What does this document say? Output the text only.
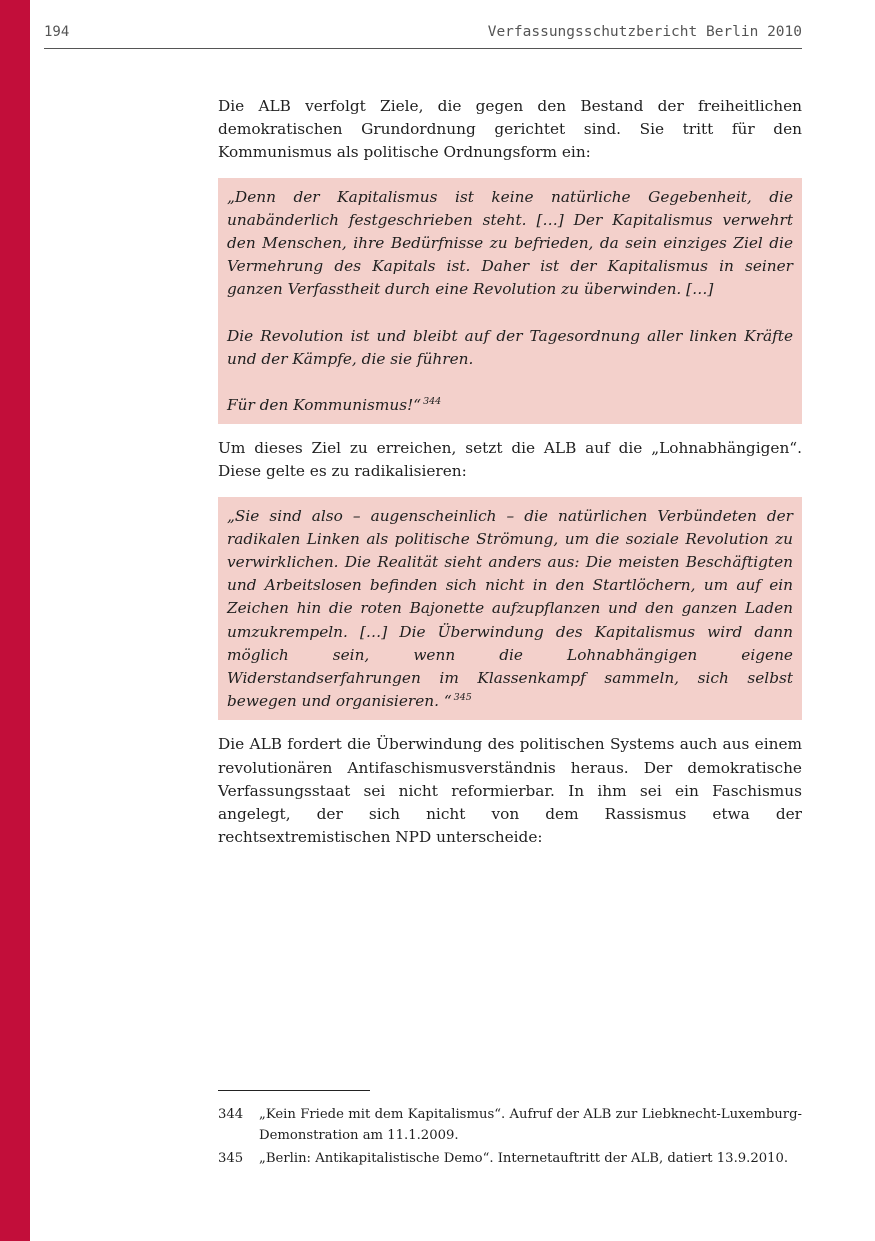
194	Verfassungsschutzbericht Berlin 2010

Die ALB verfolgt Ziele, die gegen den Bestand der freiheitlichen demokratischen Grundordnung gerichtet sind. Sie tritt für den Kommunismus als politische Ordnungsform ein:

„Denn der Kapitalismus ist keine natürliche Gegebenheit, die unabänderlich festgeschrieben steht. […] Der Kapitalismus verwehrt den Menschen, ihre Bedürfnisse zu befrieden, da sein einziges Ziel die Vermehrung des Kapitals ist. Daher ist der Kapitalismus in seiner ganzen Verfasstheit durch eine Revolution zu überwinden. […]

Die Revolution ist und bleibt auf der Tagesordnung aller linken Kräfte und der Kämpfe, die sie führen.

Für den Kommunismus!“ $^{344}$

Um dieses Ziel zu erreichen, setzt die ALB auf die „Lohnabhängigen“. Diese gelte es zu radikalisieren:

„Sie sind also – augenscheinlich – die natürlichen Verbündeten der radikalen Linken als politische Strömung, um die soziale Revolution zu verwirklichen. Die Realität sieht anders aus: Die meisten Beschäftigten und Arbeitslosen befinden sich nicht in den Startlöchern, um auf ein Zeichen hin die roten Bajonette aufzupflanzen und den ganzen Laden umzukrempeln. […] Die Überwindung des Kapitalismus wird dann möglich sein, wenn die Lohnabhängigen eigene Widerstandserfahrungen im Klassenkampf sammeln, sich selbst bewegen und organisieren. “ $^{345}$

Die ALB fordert die Überwindung des politischen Systems auch aus einem revolutionären Antifaschismusverständnis heraus. Der demokratische Verfassungsstaat sei nicht reformierbar. In ihm sei ein Faschismus angelegt, der sich nicht von dem Rassismus etwa der rechtsextremistischen NPD unterscheide:

344	„Kein Friede mit dem Kapitalismus“. Aufruf der ALB zur Liebknecht-Luxemburg-Demonstration am 11.1.2009.
345	„Berlin: Antikapitalistische Demo“. Internetauftritt der ALB, datiert 13.9.2010.
